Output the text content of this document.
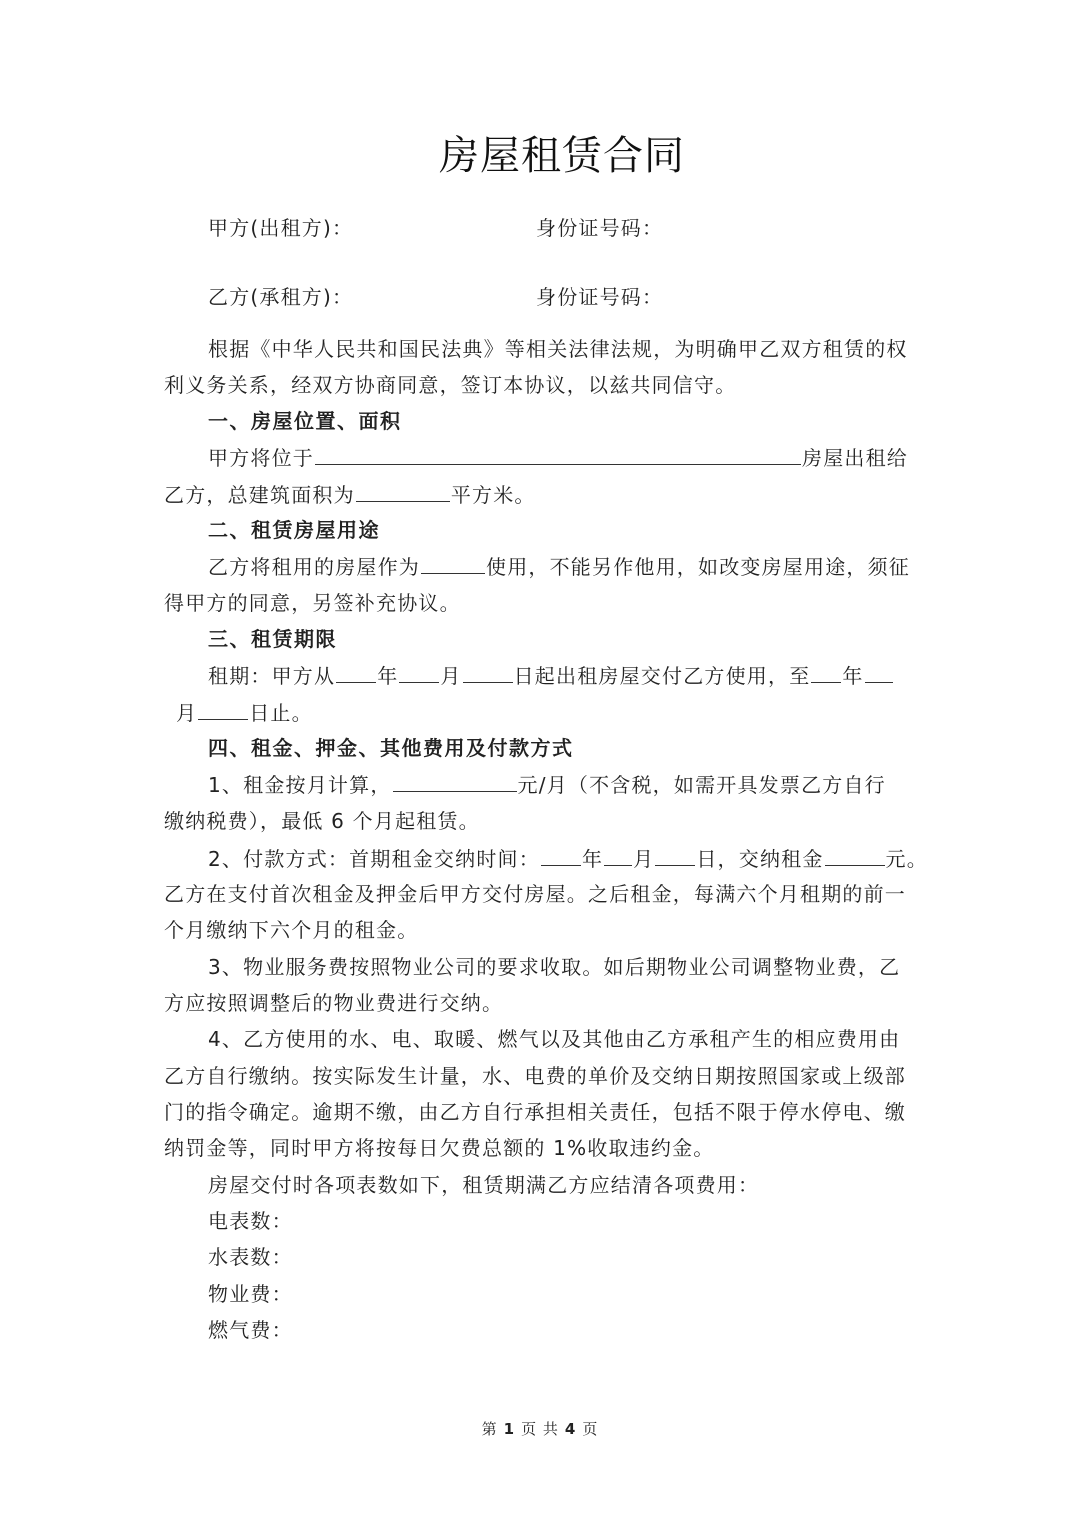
房屋租赁合同
甲方(出租方)：	身份证号码：
乙方(承租方)：	身份证号码：
根据《中华人民共和国民法典》等相关法律法规，为明确甲乙双方租赁的权
利义务关系，经双方协商同意，签订本协议，以兹共同信守。
一、房屋位置、面积
甲方将位于	房屋出租给
乙方，总建筑面积为	平方米。
二、租赁房屋用途
乙方将租用的房屋作为	使用，不能另作他用，如改变房屋用途，须征
得甲方的同意，另签补充协议。
三、租赁期限
租期：甲方从 年 月	日起出租房屋交付乙方使用，至 年
月	日止。
四、租金、押金、其他费用及付款方式
1、租金按月计算，	元/月（不含税，如需开具发票乙方自行
缴纳税费），最低 6 个月起租赁。
2、付款方式：首期租金交纳时间： 年 月 日，交纳租金	元。
乙方在支付首次租金及押金后甲方交付房屋。之后租金，每满六个月租期的前一
个月缴纳下六个月的租金。
3、物业服务费按照物业公司的要求收取。如后期物业公司调整物业费，乙
方应按照调整后的物业费进行交纳。
4、乙方使用的水、电、取暖、燃气以及其他由乙方承租产生的相应费用由
乙方自行缴纳。按实际发生计量，水、电费的单价及交纳日期按照国家或上级部
门的指令确定。逾期不缴，由乙方自行承担相关责任，包括不限于停水停电、缴
纳罚金等，同时甲方将按每日欠费总额的 1%收取违约金。
房屋交付时各项表数如下，租赁期满乙方应结清各项费用：
电表数：
水表数：
物业费：
燃气费：
第 1 页 共 4 页
